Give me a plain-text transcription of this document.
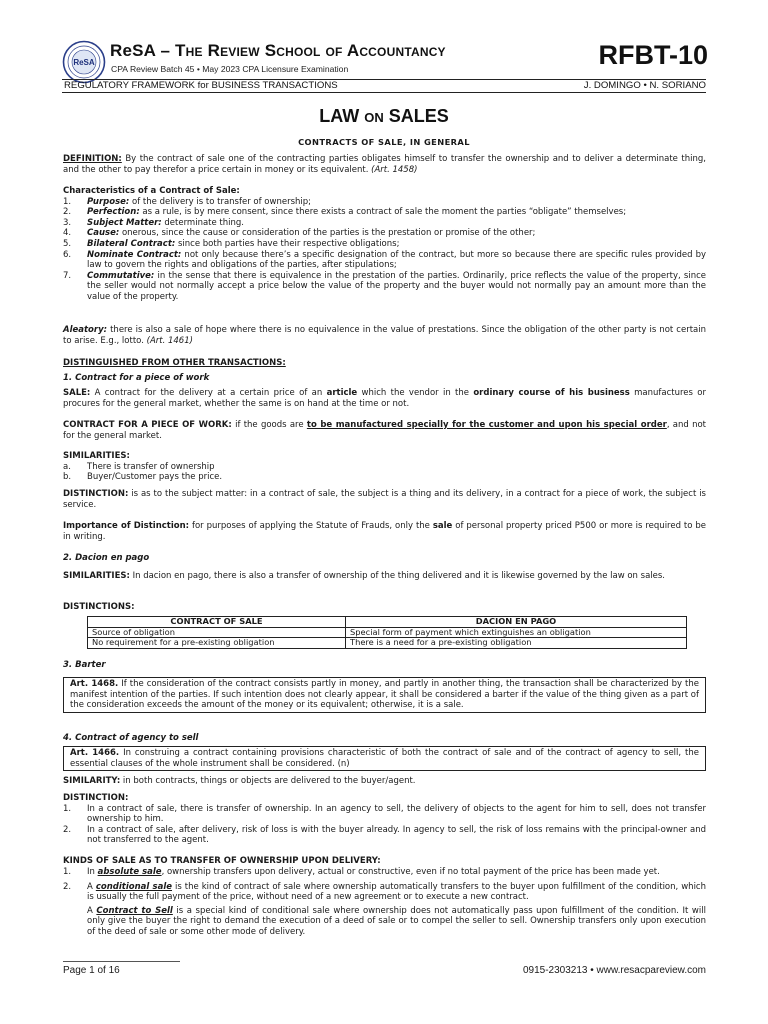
ReSA
ReSA – The Review School of Accountancy
CPA Review Batch 45 • May 2023 CPA Licensure Examination	RFBT-10
REGULATORY FRAMEWORK for BUSINESS TRANSACTIONS	J. DOMINGO • N. SORIANO
LAW ON SALES
CONTRACTS OF SALE, IN GENERAL
DEFINITION: By the contract of sale one of the contracting parties obligates himself to transfer the ownership and to deliver a determinate thing, and the other to pay therefor a price certain in money or its equivalent. (Art. 1458)
Characteristics of a Contract of Sale:
1. Purpose: of the delivery is to transfer of ownership;
2. Perfection: as a rule, is by mere consent, since there exists a contract of sale the moment the parties “obligate” themselves;
3. Subject Matter: determinate thing.
4. Cause: onerous, since the cause or consideration of the parties is the prestation or promise of the other;
5. Bilateral Contract: since both parties have their respective obligations;
6. Nominate Contract: not only because there’s a specific designation of the contract, but more so because there are specific rules provided by law to govern the rights and obligations of the parties, after stipulations;
7. Commutative: in the sense that there is equivalence in the prestation of the parties. Ordinarily, price reflects the value of the property, since the seller would not normally accept a price below the value of the property and the buyer would not normally pay an amount more than the value of the property.
Aleatory: there is also a sale of hope where there is no equivalence in the value of prestations. Since the obligation of the other party is not certain to arise. E.g., lotto. (Art. 1461)
DISTINGUISHED FROM OTHER TRANSACTIONS:
1. Contract for a piece of work
SALE: A contract for the delivery at a certain price of an article which the vendor in the ordinary course of his business manufactures or procures for the general market, whether the same is on hand at the time or not.
CONTRACT FOR A PIECE OF WORK: if the goods are to be manufactured specially for the customer and upon his special order, and not for the general market.
SIMILARITIES:
a. There is transfer of ownership
b. Buyer/Customer pays the price.
DISTINCTION: is as to the subject matter: in a contract of sale, the subject is a thing and its delivery, in a contract for a piece of work, the subject is service.
Importance of Distinction: for purposes of applying the Statute of Frauds, only the sale of personal property priced P500 or more is required to be in writing.
2. Dacion en pago
SIMILARITIES: In dacion en pago, there is also a transfer of ownership of the thing delivered and it is likewise governed by the law on sales.
DISTINCTIONS:
CONTRACT OF SALE	DACION EN PAGO
Source of obligation	Special form of payment which extinguishes an obligation
No requirement for a pre-existing obligation	There is a need for a pre-existing obligation
3. Barter
Art. 1468. If the consideration of the contract consists partly in money, and partly in another thing, the transaction shall be characterized by the manifest intention of the parties. If such intention does not clearly appear, it shall be considered a barter if the value of the thing given as a part of the consideration exceeds the amount of the money or its equivalent; otherwise, it is a sale.
4. Contract of agency to sell
Art. 1466. In construing a contract containing provisions characteristic of both the contract of sale and of the contract of agency to sell, the essential clauses of the whole instrument shall be considered. (n)
SIMILARITY: in both contracts, things or objects are delivered to the buyer/agent.
DISTINCTION:
1. In a contract of sale, there is transfer of ownership. In an agency to sell, the delivery of objects to the agent for him to sell, does not transfer ownership to him.
2. In a contract of sale, after delivery, risk of loss is with the buyer already. In agency to sell, the risk of loss remains with the principal-owner and not transferred to the agent.
KINDS OF SALE AS TO TRANSFER OF OWNERSHIP UPON DELIVERY:
1. In absolute sale, ownership transfers upon delivery, actual or constructive, even if no total payment of the price has been made yet.
2. A conditional sale is the kind of contract of sale where ownership automatically transfers to the buyer upon fulfillment of the condition, which is usually the full payment of the price, without need of a new agreement or to execute a new contract.
A Contract to Sell is a special kind of conditional sale where ownership does not automatically pass upon fulfillment of the condition. It will only give the buyer the right to demand the execution of a deed of sale or to compel the seller to sell. Ownership transfers only upon execution of the deed of sale or some other mode of delivery.
Page 1 of 16	0915-2303213 • www.resacpareview.com
